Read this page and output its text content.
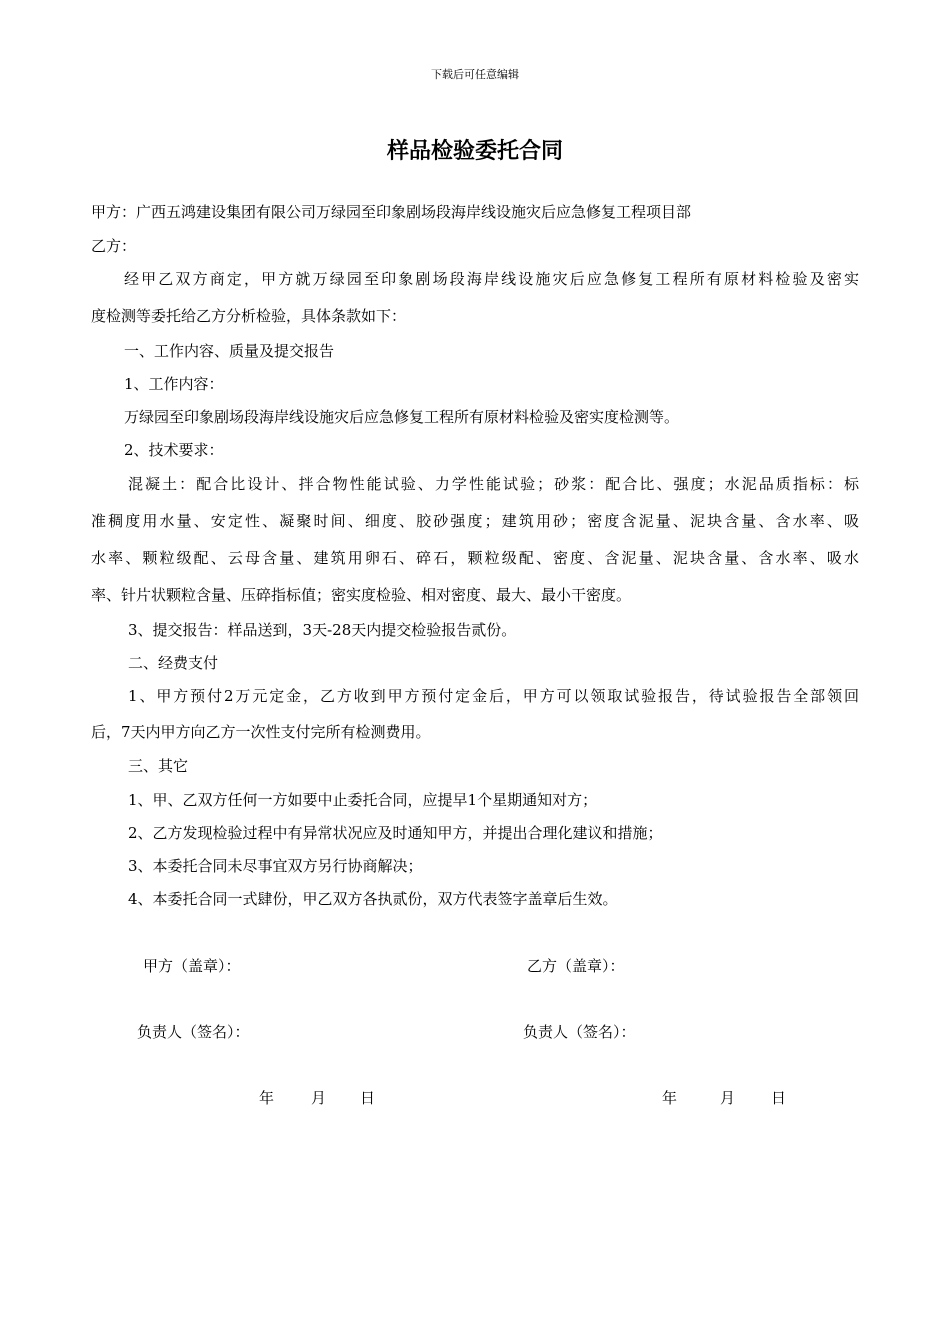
下载后可任意编辑
样品检验委托合同
甲方：广西五鸿建设集团有限公司万绿园至印象剧场段海岸线设施灾后应急修复工程项目部
乙方：
经甲乙双方商定，甲方就万绿园至印象剧场段海岸线设施灾后应急修复工程所有原材料检验及密实
度检测等委托给乙方分析检验，具体条款如下：
一、工作内容、质量及提交报告
1、工作内容：
万绿园至印象剧场段海岸线设施灾后应急修复工程所有原材料检验及密实度检测等。
2、技术要求：
混凝土：配合比设计、拌合物性能试验、力学性能试验；砂浆：配合比、强度；水泥品质指标：标
准稠度用水量、安定性、凝聚时间、细度、胶砂强度；建筑用砂；密度含泥量、泥块含量、含水率、吸
水率、颗粒级配、云母含量、建筑用卵石、碎石，颗粒级配、密度、含泥量、泥块含量、含水率、吸水
率、针片状颗粒含量、压碎指标值；密实度检验、相对密度、最大、最小干密度。
3、提交报告：样品送到，3天-28天内提交检验报告贰份。
二、经费支付
1、甲方预付2万元定金，乙方收到甲方预付定金后，甲方可以领取试验报告，待试验报告全部领回
后，7天内甲方向乙方一次性支付完所有检测费用。
三、其它
1、甲、乙双方任何一方如要中止委托合同，应提早1个星期通知对方；
2、乙方发现检验过程中有异常状况应及时通知甲方，并提出合理化建议和措施；
3、本委托合同未尽事宜双方另行协商解决；
4、本委托合同一式肆份，甲乙双方各执贰份，双方代表签字盖章后生效。
甲方（盖章）：	乙方（盖章）：
负责人（签名）：	负责人（签名）：
年 月 日	年	月 日
